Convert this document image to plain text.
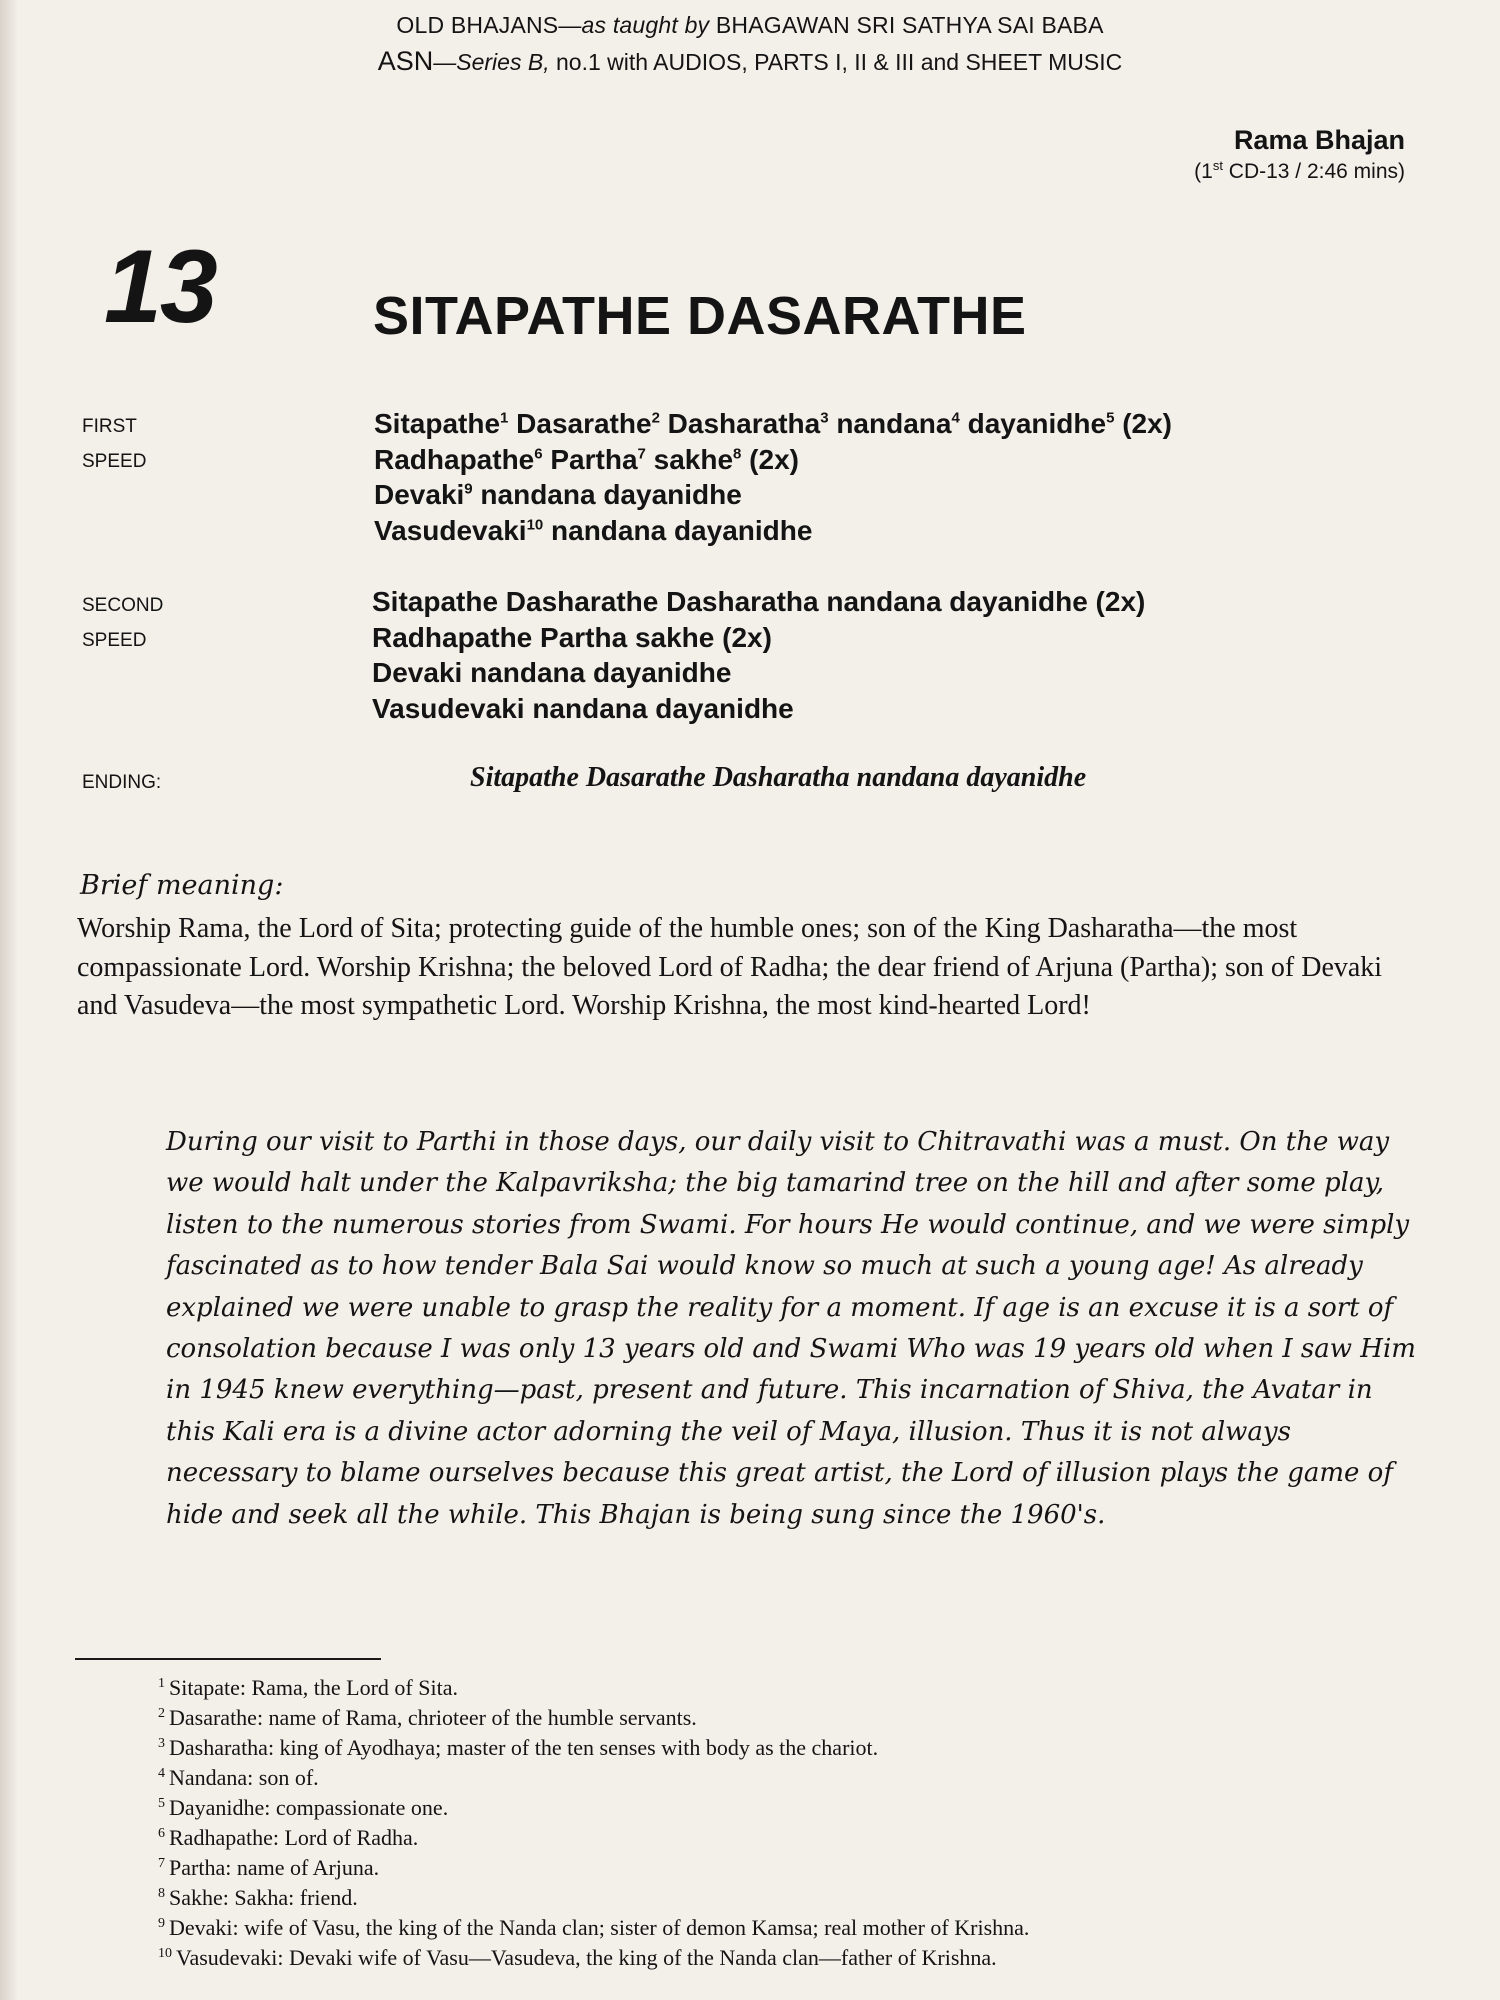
OLD BHAJANS—as taught by BHAGAWAN SRI SATHYA SAI BABA
ASN—Series B, no.1 with AUDIOS, PARTS I, II & III and SHEET MUSIC
Rama Bhajan
(1st CD-13 / 2:46 mins)
13	SITAPATHE DASARATHE
FIRST
SPEED
Sitapathe$^1$ Dasarathe$^2$ Dasharatha$^3$ nandana$^4$ dayanidhe$^5$ (2x)
Radhapathe$^6$ Partha$^7$ sakhe$^8$ (2x)
Devaki$^9$ nandana dayanidhe
Vasudevaki$^{10}$ nandana dayanidhe
SECOND
SPEED
Sitapathe Dasharathe Dasharatha nandana dayanidhe (2x)
Radhapathe Partha sakhe (2x)
Devaki nandana dayanidhe
Vasudevaki nandana dayanidhe
ENDING:	Sitapathe Dasarathe Dasharatha nandana dayanidhe
Brief meaning:
Worship Rama, the Lord of Sita; protecting guide of the humble ones; son of the King Dasharatha—the most compassionate Lord. Worship Krishna; the beloved Lord of Radha; the dear friend of Arjuna (Partha); son of Devaki and Vasudeva—the most sympathetic Lord. Worship Krishna, the most kind-hearted Lord!
During our visit to Parthi in those days, our daily visit to Chitravathi was a must. On the way we would halt under the Kalpavriksha; the big tamarind tree on the hill and after some play, listen to the numerous stories from Swami. For hours He would continue, and we were simply fascinated as to how tender Bala Sai would know so much at such a young age! As already explained we were unable to grasp the reality for a moment. If age is an excuse it is a sort of consolation because I was only 13 years old and Swami Who was 19 years old when I saw Him in 1945 knew everything—past, present and future. This incarnation of Shiva, the Avatar in this Kali era is a divine actor adorning the veil of Maya, illusion. Thus it is not always necessary to blame ourselves because this great artist, the Lord of illusion plays the game of hide and seek all the while. This Bhajan is being sung since the 1960's.
$^1$ Sitapate: Rama, the Lord of Sita.
$^2$ Dasarathe: name of Rama, chrioteer of the humble servants.
$^3$ Dasharatha: king of Ayodhaya; master of the ten senses with body as the chariot.
$^4$ Nandana: son of.
$^5$ Dayanidhe: compassionate one.
$^6$ Radhapathe: Lord of Radha.
$^7$ Partha: name of Arjuna.
$^8$ Sakhe: Sakha: friend.
$^9$ Devaki: wife of Vasu, the king of the Nanda clan; sister of demon Kamsa; real mother of Krishna.
$^{10}$ Vasudevaki: Devaki wife of Vasu—Vasudeva, the king of the Nanda clan—father of Krishna.
